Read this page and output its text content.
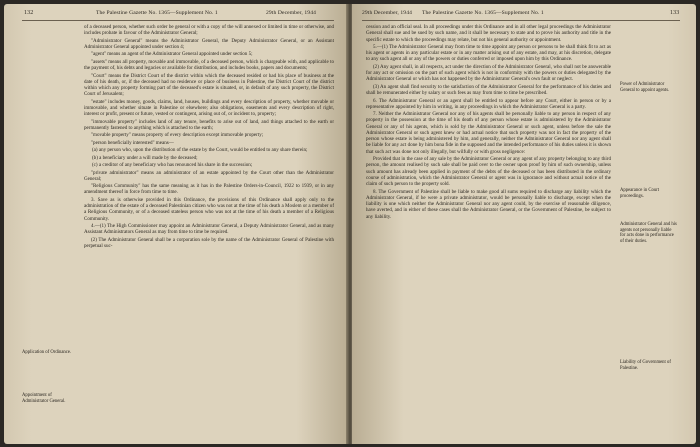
132	The Palestine Gazette No. 1365—Supplement No. 1	29th December, 1944

of a deceased person, whether such order be general or with a copy of the will annexed or limited in time or otherwise, and includes probate in favour of the Administrator General;

"Administrator General" means the Administrator General, the Deputy Administrator General, or an Assistant Administrator General appointed under section 4;

"agent" means an agent of the Administrator General appointed under section 5;

"assets" means all property, movable and immovable, of a deceased person, which is chargeable with, and applicable to the payment of, his debts and legacies or available for distribution, and includes books, papers and documents;

"Court" means the District Court of the district within which the deceased resided or had his place of business at the date of his death, or, if the deceased had no residence or place of business in Palestine, the District Court of the district within which any property forming part of the deceased's estate is situated, or, in default of any such property, the District Court of Jerusalem;

"estate" includes money, goods, claims, land, houses, buildings and every description of property, whether movable or immovable, and whether situate in Palestine or elsewhere; also obligations, easements and every description of right, interest or profit, present or future, vested or contingent, arising out of, or incident to, property;

"immovable property" includes land of any tenure, benefits to arise out of land, and things attached to the earth or permanently fastened to anything which is attached to the earth;

"movable property" means property of every description except immovable property;

"person beneficially interested" means—

(a) any person who, upon the distribution of the estate by the Court, would be entitled to any share therein;

(b) a beneficiary under a will made by the deceased;

(c) a creditor of any beneficiary who has renounced his share in the succession;

"private administrator" means an administrator of an estate appointed by the Court other than the Administrator General;

"Religious Community" has the same meaning as it has in the Palestine Orders-in-Council, 1922 to 1939, or in any amendment thereof in force from time to time.

3. Save as is otherwise provided in this Ordinance, the provisions of this Ordinance shall apply only to the administration of the estate of a deceased Palestinian citizen who was not at the time of his death a Moslem or a member of a Religious Community, or of a deceased stateless person who was not at the time of his death a member of a Religious Community.

4.—(1) The High Commissioner may appoint an Administrator General, a Deputy Administrator General, and as many Assistant Administrators General as may from time to time be required.

(2) The Administrator General shall be a corporation sole by the name of the Administrator General of Palestine with perpetual suc-

Application of Ordinance.
Appointment of Administrator General.
29th December, 1944 The Palestine Gazette No. 1365—Supplement No. 1	133

cession and an official seal. In all proceedings under this Ordinance and in all other legal proceedings the Administrator General shall sue and be sued by such name, and it shall be necessary to state and to prove his authority and title in the specific estate to which the proceedings may relate, but not his general authority or appointment.

5.—(1) The Administrator General may from time to time appoint any person or persons to be shall think fit to act as his agent or agents in any particular estate or in any matter arising out of any estate, and may, at his discretion, delegate to any such agent all or any of the powers or duties conferred or imposed upon him by this Ordinance.

(2) Any agent shall, in all respects, act under the direction of the Administrator General, who shall not be answerable for any act or omission on the part of such agent which is not in conformity with the powers or duties delegated by the Administrator General or which has not happened by the Administrator General's own fault or neglect.

(3) An agent shall find security to the satisfaction of the Administrator General for the performance of his duties and shall be remunerated either by salary or such fees as may from time to time be prescribed.

6. The Administrator General or an agent shall be entitled to appear before any Court, either in person or by a representative appointed by him in writing, in any proceedings in which the Administrator General is a party.

7. Neither the Administrator General nor any of his agents shall be personally liable to any person in respect of any property in the possession at the time of his death of any person whose estate is administered by the Administrator General or any of his agents, which is sold by the Administrator General or such agent, unless before the sale the Administrator General or such agent knew or had actual notice that such property was not in fact the property of the person whose estate is being administered by him, and generally, neither the Administrator General nor any agent shall be liable for any act done by him bona fide in the supposed and the intended performance of his duties unless it is shown that such act was done not only illegally, but wilfully or with gross negligence:

Provided that in the case of any sale by the Administrator General or any agent of any property belonging to any third person, the amount realised by such sale shall be paid over to the owner upon proof by him of such ownership, unless such amount has already been applied in payment of the debts of the deceased or has been distributed in the ordinary course of administration, which the Administrator General or agent was in ignorance and without actual notice of the claim of such person to the property sold.

8. The Government of Palestine shall be liable to make good all sums required to discharge any liability which the Administrator General, if he were a private administrator, would be personally liable to discharge, except when the liability is one which neither the Administrator General nor any agent could, by the exercise of reasonable diligence, have averted, and in either of these cases shall the Administrator General, or the Government of Palestine, be subject to any liability.

Power of Administrator General to appoint agents.
Appearance in Court proceedings.
Administrator General and his agents not personally liable for acts done in performance of their duties.
Liability of Government of Palestine.
